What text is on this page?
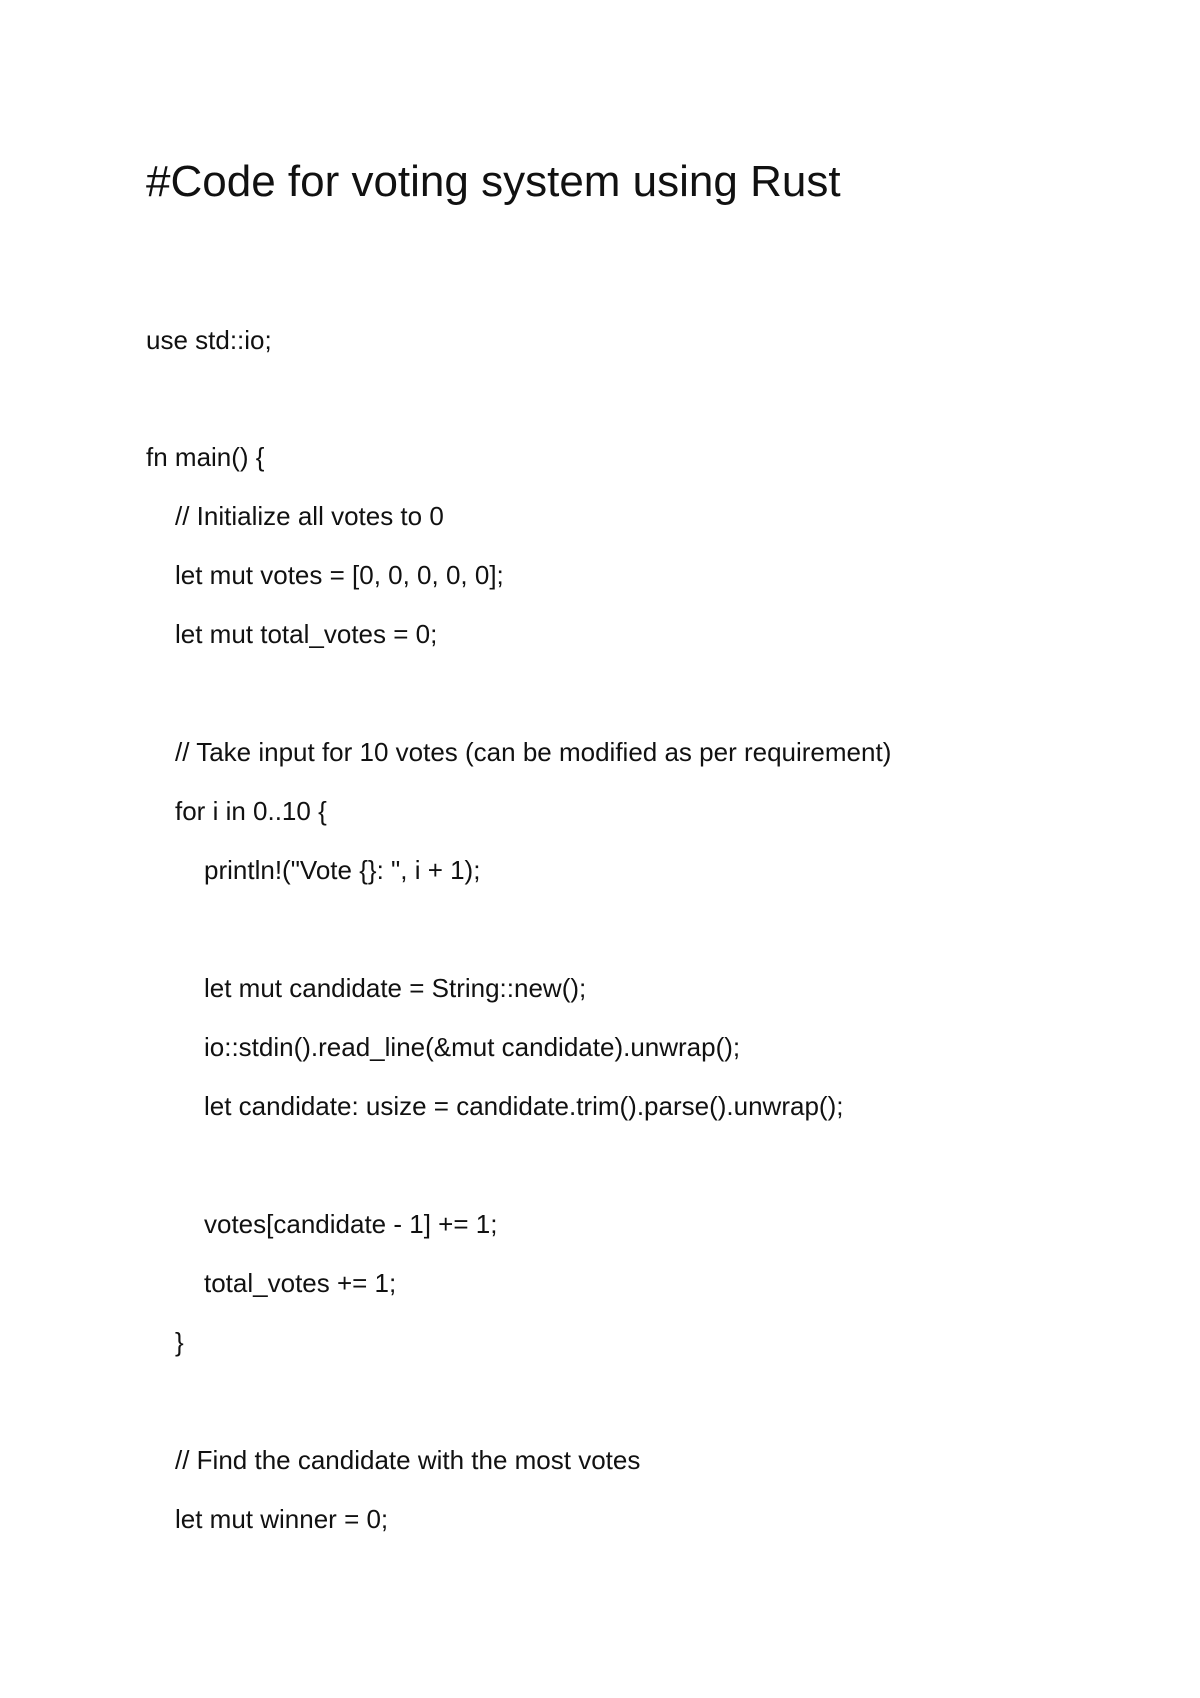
#Code for voting system using Rust

use std::io;

fn main() {

// Initialize all votes to 0

let mut votes = [0, 0, 0, 0, 0];

let mut total_votes = 0;

// Take input for 10 votes (can be modified as per requirement)

for i in 0..10 {

println!("Vote {}: ", i + 1);

let mut candidate = String::new();

io::stdin().read_line(&mut candidate).unwrap();

let candidate: usize = candidate.trim().parse().unwrap();

votes[candidate - 1] += 1;

total_votes += 1;

}

// Find the candidate with the most votes

let mut winner = 0;
